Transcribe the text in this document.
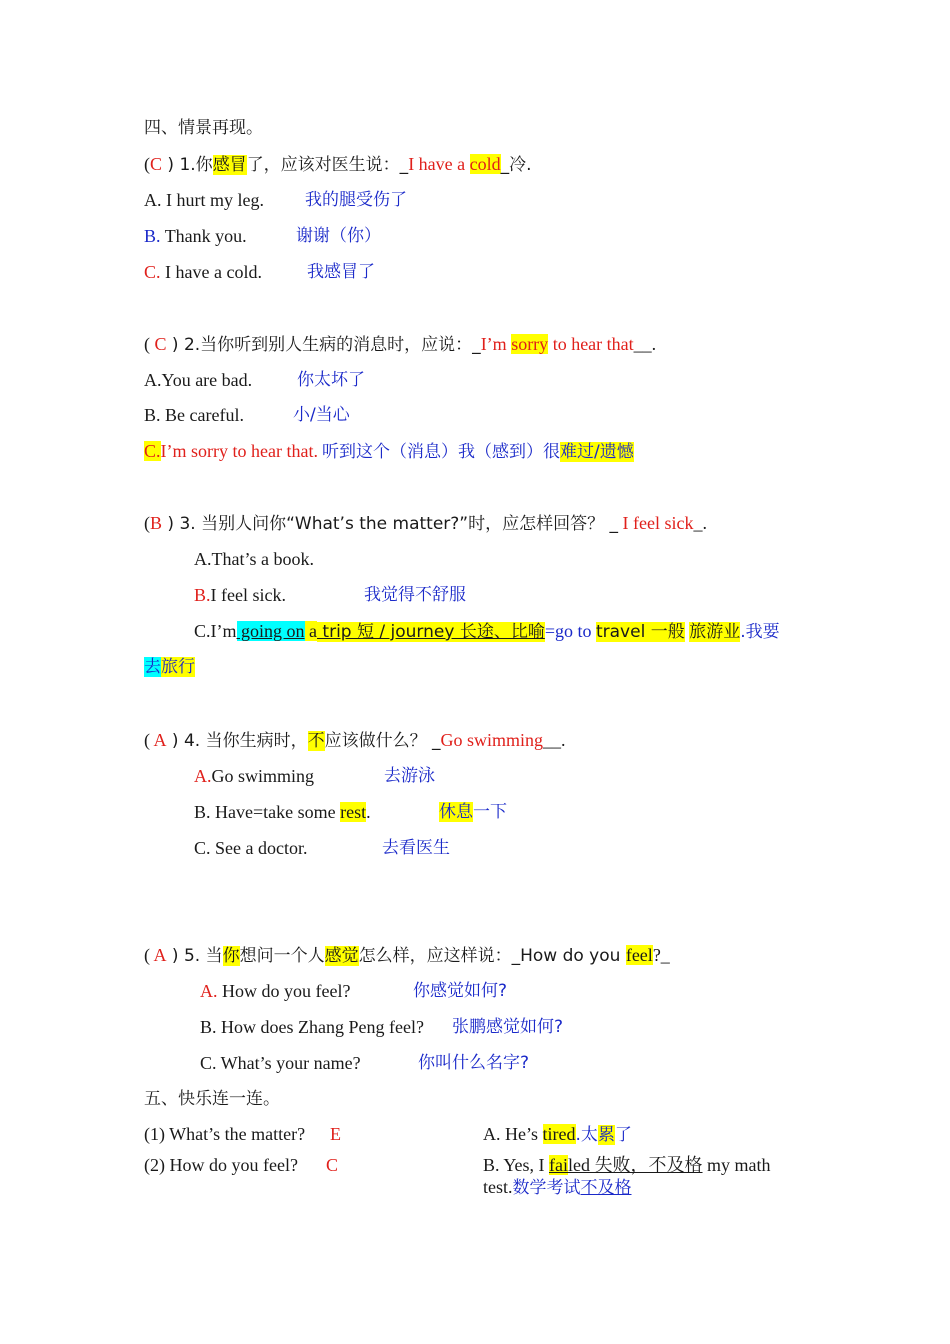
四、情景再现。
(C ) 1.你感冒了，应该对医生说：_I have a cold_冷.
A. I hurt my leg. 我的腿受伤了
B. Thank you.	谢谢（你）
C. I have a cold.	我感冒了
( C ) 2.当你听到别人生病的消息时，应说：_I’m sorry to hear that__.
A.You are bad.	你太坏了
B. Be careful.	小/当心
C.I’m sorry to hear that. 听到这个（消息）我（感到）很难过/遗憾
(B ) 3. 当别人问你“What’s the matter?”时，应怎样回答？ _ I feel sick_.
A.That’s a book.
B.I feel sick.	我觉得不舒服
C.I’m going on a trip 短 / journey 长途、比喻=go to travel 一般 旅游业.我要
去旅行
( A ) 4. 当你生病时，不应该做什么？ _Go swimming__.
A.Go swimming	去游泳
B. Have=take some rest.	休息一下
C. See a doctor.	去看医生
( A ) 5. 当你想问一个人感觉怎么样，应这样说：_How do you feel?_
A. How do you feel?	你感觉如何?
B. How does Zhang Peng feel? 张鹏感觉如何?
C. What’s your name?	你叫什么名字?
五、快乐连一连。
(1) What’s the matter? E	A. He’s tired.太累了
(2) How do you feel? C	B. Yes, I failed 失败，不及格 my math
test.数学考试不及格
